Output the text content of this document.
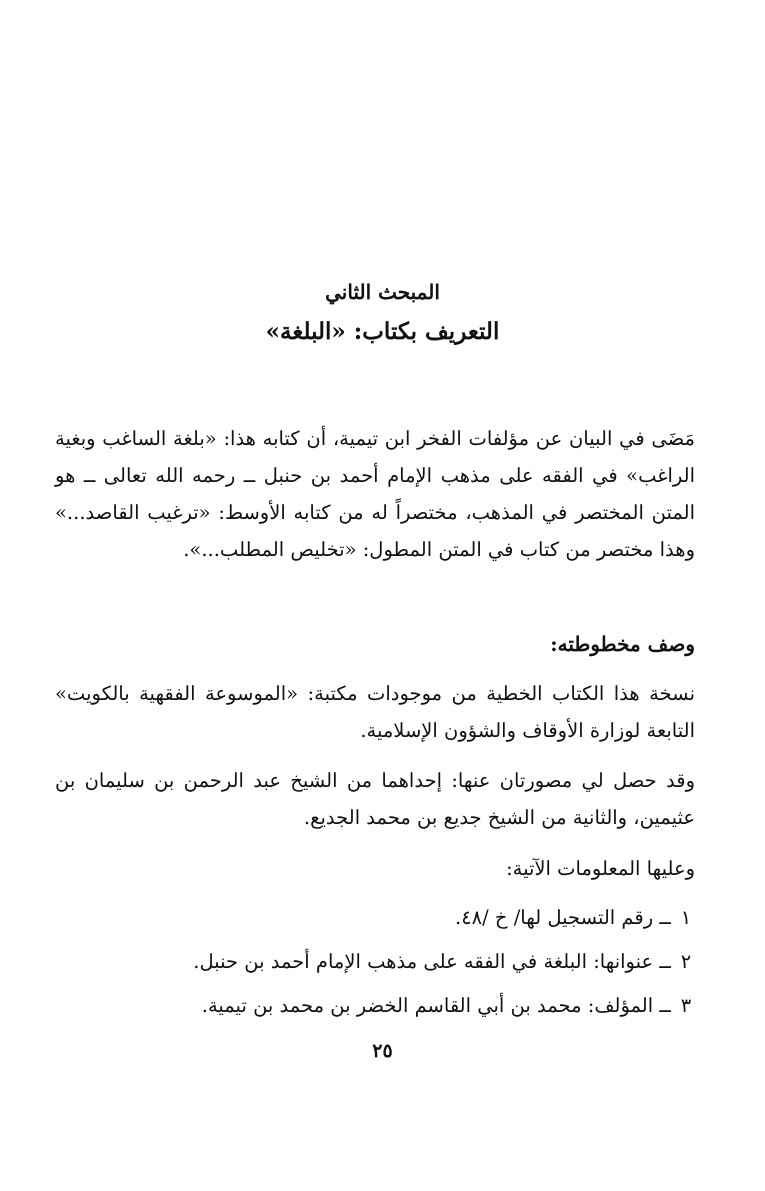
المبحث الثاني
التعريف بكتاب: «البلغة»

مَضَى في البيان عن مؤلفات الفخر ابن تيمية، أن كتابه هذا: «بلغة الساغب وبغية الراغب» في الفقه على مذهب الإمام أحمد بن حنبل ــ رحمه الله تعالى ــ هو المتن المختصر في المذهب، مختصراً له من كتابه الأوسط: «ترغيب القاصد...» وهذا مختصر من كتاب في المتن المطول: «تخليص المطلب...».

وصف مخطوطته:

نسخة هذا الكتاب الخطية من موجودات مكتبة: «الموسوعة الفقهية بالكويت» التابعة لوزارة الأوقاف والشؤون الإسلامية.

وقد حصل لي مصورتان عنها: إحداهما من الشيخ عبد الرحمن بن سليمان بن عثيمين، والثانية من الشيخ جديع بن محمد الجديع.

وعليها المعلومات الآتية:

١ ــ رقم التسجيل لها/ خ /٤٨.
٢ ــ عنوانها: البلغة في الفقه على مذهب الإمام أحمد بن حنبل.
٣ ــ المؤلف: محمد بن أبي القاسم الخضر بن محمد بن تيمية.
٢٥
